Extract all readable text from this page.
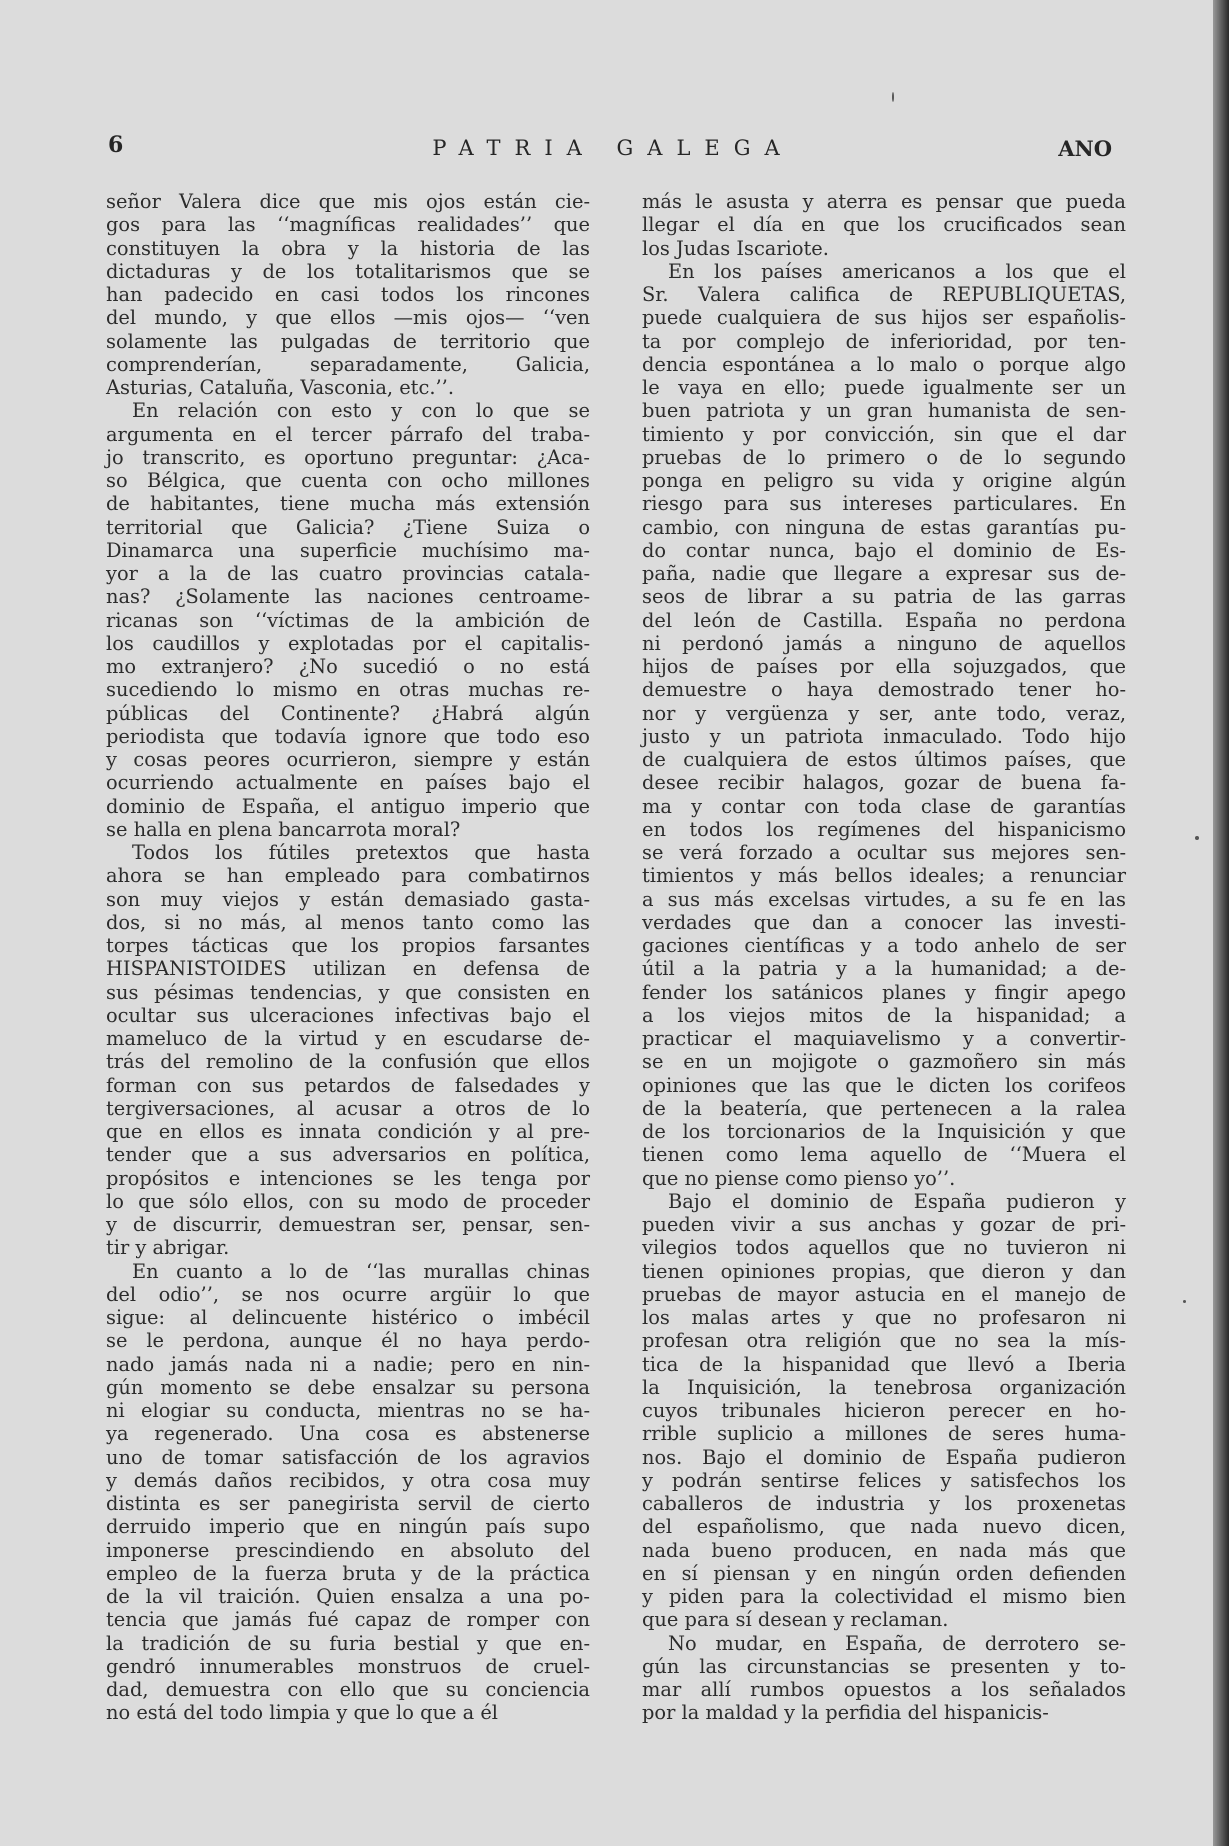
6	PATRIA GALEGA	ANO
señor Valera dice que mis ojos están cie-
gos para las ‘‘magníficas realidades’’ que
constituyen la obra y la historia de las
dictaduras y de los totalitarismos que se
han padecido en casi todos los rincones
del mundo, y que ellos —mis ojos— ‘‘ven
solamente las pulgadas de territorio que
comprenderían, separadamente, Galicia,
Asturias, Cataluña, Vasconia, etc.’’.
En relación con esto y con lo que se
argumenta en el tercer párrafo del traba-
jo transcrito, es oportuno preguntar: ¿Aca-
so Bélgica, que cuenta con ocho millones
de habitantes, tiene mucha más extensión
territorial que Galicia? ¿Tiene Suiza o
Dinamarca una superficie muchísimo ma-
yor a la de las cuatro provincias catala-
nas? ¿Solamente las naciones centroame-
ricanas son ‘‘víctimas de la ambición de
los caudillos y explotadas por el capitalis-
mo extranjero? ¿No sucedió o no está
sucediendo lo mismo en otras muchas re-
públicas del Continente? ¿Habrá algún
periodista que todavía ignore que todo eso
y cosas peores ocurrieron, siempre y están
ocurriendo actualmente en países bajo el
dominio de España, el antiguo imperio que
se halla en plena bancarrota moral?
Todos los fútiles pretextos que hasta
ahora se han empleado para combatirnos
son muy viejos y están demasiado gasta-
dos, si no más, al menos tanto como las
torpes tácticas que los propios farsantes
HISPANISTOIDES utilizan en defensa de
sus pésimas tendencias, y que consisten en
ocultar sus ulceraciones infectivas bajo el
mameluco de la virtud y en escudarse de-
trás del remolino de la confusión que ellos
forman con sus petardos de falsedades y
tergiversaciones, al acusar a otros de lo
que en ellos es innata condición y al pre-
tender que a sus adversarios en política,
propósitos e intenciones se les tenga por
lo que sólo ellos, con su modo de proceder
y de discurrir, demuestran ser, pensar, sen-
tir y abrigar.
En cuanto a lo de ‘‘las murallas chinas
del odio’’, se nos ocurre argüir lo que
sigue: al delincuente histérico o imbécil
se le perdona, aunque él no haya perdo-
nado jamás nada ni a nadie; pero en nin-
gún momento se debe ensalzar su persona
ni elogiar su conducta, mientras no se ha-
ya regenerado. Una cosa es abstenerse
uno de tomar satisfacción de los agravios
y demás daños recibidos, y otra cosa muy
distinta es ser panegirista servil de cierto
derruido imperio que en ningún país supo
imponerse prescindiendo en absoluto del
empleo de la fuerza bruta y de la práctica
de la vil traición. Quien ensalza a una po-
tencia que jamás fué capaz de romper con
la tradición de su furia bestial y que en-
gendró innumerables monstruos de cruel-
dad, demuestra con ello que su conciencia
no está del todo limpia y que lo que a él
más le asusta y aterra es pensar que pueda
llegar el día en que los crucificados sean
los Judas Iscariote.
En los países americanos a los que el
Sr. Valera califica de REPUBLIQUETAS,
puede cualquiera de sus hijos ser españolis-
ta por complejo de inferioridad, por ten-
dencia espontánea a lo malo o porque algo
le vaya en ello; puede igualmente ser un
buen patriota y un gran humanista de sen-
timiento y por convicción, sin que el dar
pruebas de lo primero o de lo segundo
ponga en peligro su vida y origine algún
riesgo para sus intereses particulares. En
cambio, con ninguna de estas garantías pu-
do contar nunca, bajo el dominio de Es-
paña, nadie que llegare a expresar sus de-
seos de librar a su patria de las garras
del león de Castilla. España no perdona
ni perdonó jamás a ninguno de aquellos
hijos de países por ella sojuzgados, que
demuestre o haya demostrado tener ho-
nor y vergüenza y ser, ante todo, veraz,
justo y un patriota inmaculado. Todo hijo
de cualquiera de estos últimos países, que
desee recibir halagos, gozar de buena fa-
ma y contar con toda clase de garantías
en todos los regímenes del hispanicismo
se verá forzado a ocultar sus mejores sen-
timientos y más bellos ideales; a renunciar
a sus más excelsas virtudes, a su fe en las
verdades que dan a conocer las investi-
gaciones científicas y a todo anhelo de ser
útil a la patria y a la humanidad; a de-
fender los satánicos planes y fingir apego
a los viejos mitos de la hispanidad; a
practicar el maquiavelismo y a convertir-
se en un mojigote o gazmoñero sin más
opiniones que las que le dicten los corifeos
de la beatería, que pertenecen a la ralea
de los torcionarios de la Inquisición y que
tienen como lema aquello de ‘‘Muera el
que no piense como pienso yo’’.
Bajo el dominio de España pudieron y
pueden vivir a sus anchas y gozar de pri-
vilegios todos aquellos que no tuvieron ni
tienen opiniones propias, que dieron y dan
pruebas de mayor astucia en el manejo de
los malas artes y que no profesaron ni
profesan otra religión que no sea la mís-
tica de la hispanidad que llevó a Iberia
la Inquisición, la tenebrosa organización
cuyos tribunales hicieron perecer en ho-
rrible suplicio a millones de seres huma-
nos. Bajo el dominio de España pudieron
y podrán sentirse felices y satisfechos los
caballeros de industria y los proxenetas
del españolismo, que nada nuevo dicen,
nada bueno producen, en nada más que
en sí piensan y en ningún orden defienden
y piden para la colectividad el mismo bien
que para sí desean y reclaman.
No mudar, en España, de derrotero se-
gún las circunstancias se presenten y to-
mar allí rumbos opuestos a los señalados
por la maldad y la perfidia del hispanicis-
